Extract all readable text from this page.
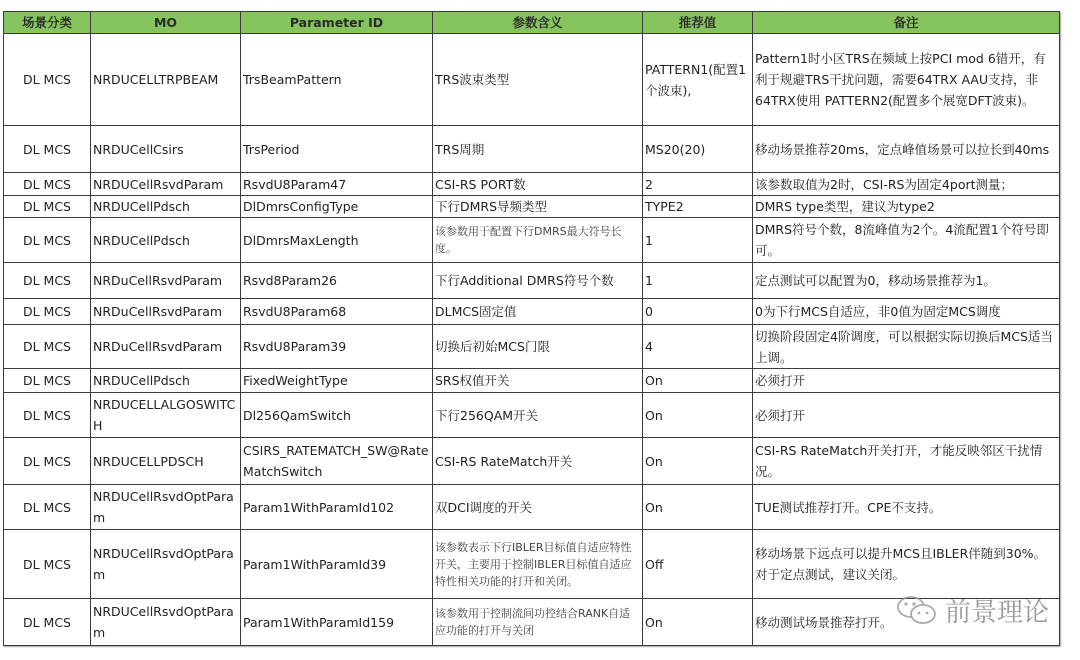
场景分类	MO	Parameter ID	参数含义	推荐值	备注
DL MCS	NRDUCELLTRPBEAM	TrsBeamPattern	TRS波束类型	PATTERN1(配置1个波束),	Pattern1时小区TRS在频域上按PCI mod 6错开，有利于规避TRS干扰问题，需要64TRX AAU支持，非64TRX使用 PATTERN2(配置多个展宽DFT波束)。
DL MCS	NRDUCellCsirs	TrsPeriod	TRS周期	MS20(20)	移动场景推荐20ms，定点峰值场景可以拉长到40ms
DL MCS	NRDUCellRsvdParam	RsvdU8Param47	CSI-RS PORT数	2	该参数取值为2时，CSI-RS为固定4port测量；
DL MCS	NRDUCellPdsch	DlDmrsConfigType	下行DMRS导频类型	TYPE2	DMRS type类型，建议为type2
DL MCS	NRDUCellPdsch	DlDmrsMaxLength	该参数用于配置下行DMRS最大符号长度。	1	DMRS符号个数，8流峰值为2个。4流配置1个符号即可。
DL MCS	NRDuCellRsvdParam	Rsvd8Param26	下行Additional DMRS符号个数	1	定点测试可以配置为0，移动场景推荐为1。
DL MCS	NRDuCellRsvdParam	RsvdU8Param68	DLMCS固定值	0	0为下行MCS自适应，非0值为固定MCS调度
DL MCS	NRDuCellRsvdParam	RsvdU8Param39	切换后初始MCS门限	4	切换阶段固定4阶调度，可以根据实际切换后MCS适当上调。
DL MCS	NRDUCellPdsch	FixedWeightType	SRS权值开关	On	必须打开
DL MCS	NRDUCELLALGOSWITCH	Dl256QamSwitch	下行256QAM开关	On	必须打开
DL MCS	NRDUCELLPDSCH	CSIRS_RATEMATCH_SW@RateMatchSwitch	CSI-RS RateMatch开关	On	CSI-RS RateMatch开关打开，才能反映邻区干扰情况。
DL MCS	NRDUCellRsvdOptParam	Param1WithParamId102	双DCI调度的开关	On	TUE测试推荐打开。CPE不支持。
DL MCS	NRDUCellRsvdOptParam	Param1WithParamId39	该参数表示下行IBLER目标值自适应特性开关，主要用于控制IBLER目标值自适应特性相关功能的打开和关闭。	Off	移动场景下远点可以提升MCS且IBLER伴随到30%。对于定点测试，建议关闭。
DL MCS	NRDUCellRsvdOptParam	Param1WithParamId159	该参数用于控制流间功控结合RANK自适应功能的打开与关闭	On	移动测试场景推荐打开。 前景理论
